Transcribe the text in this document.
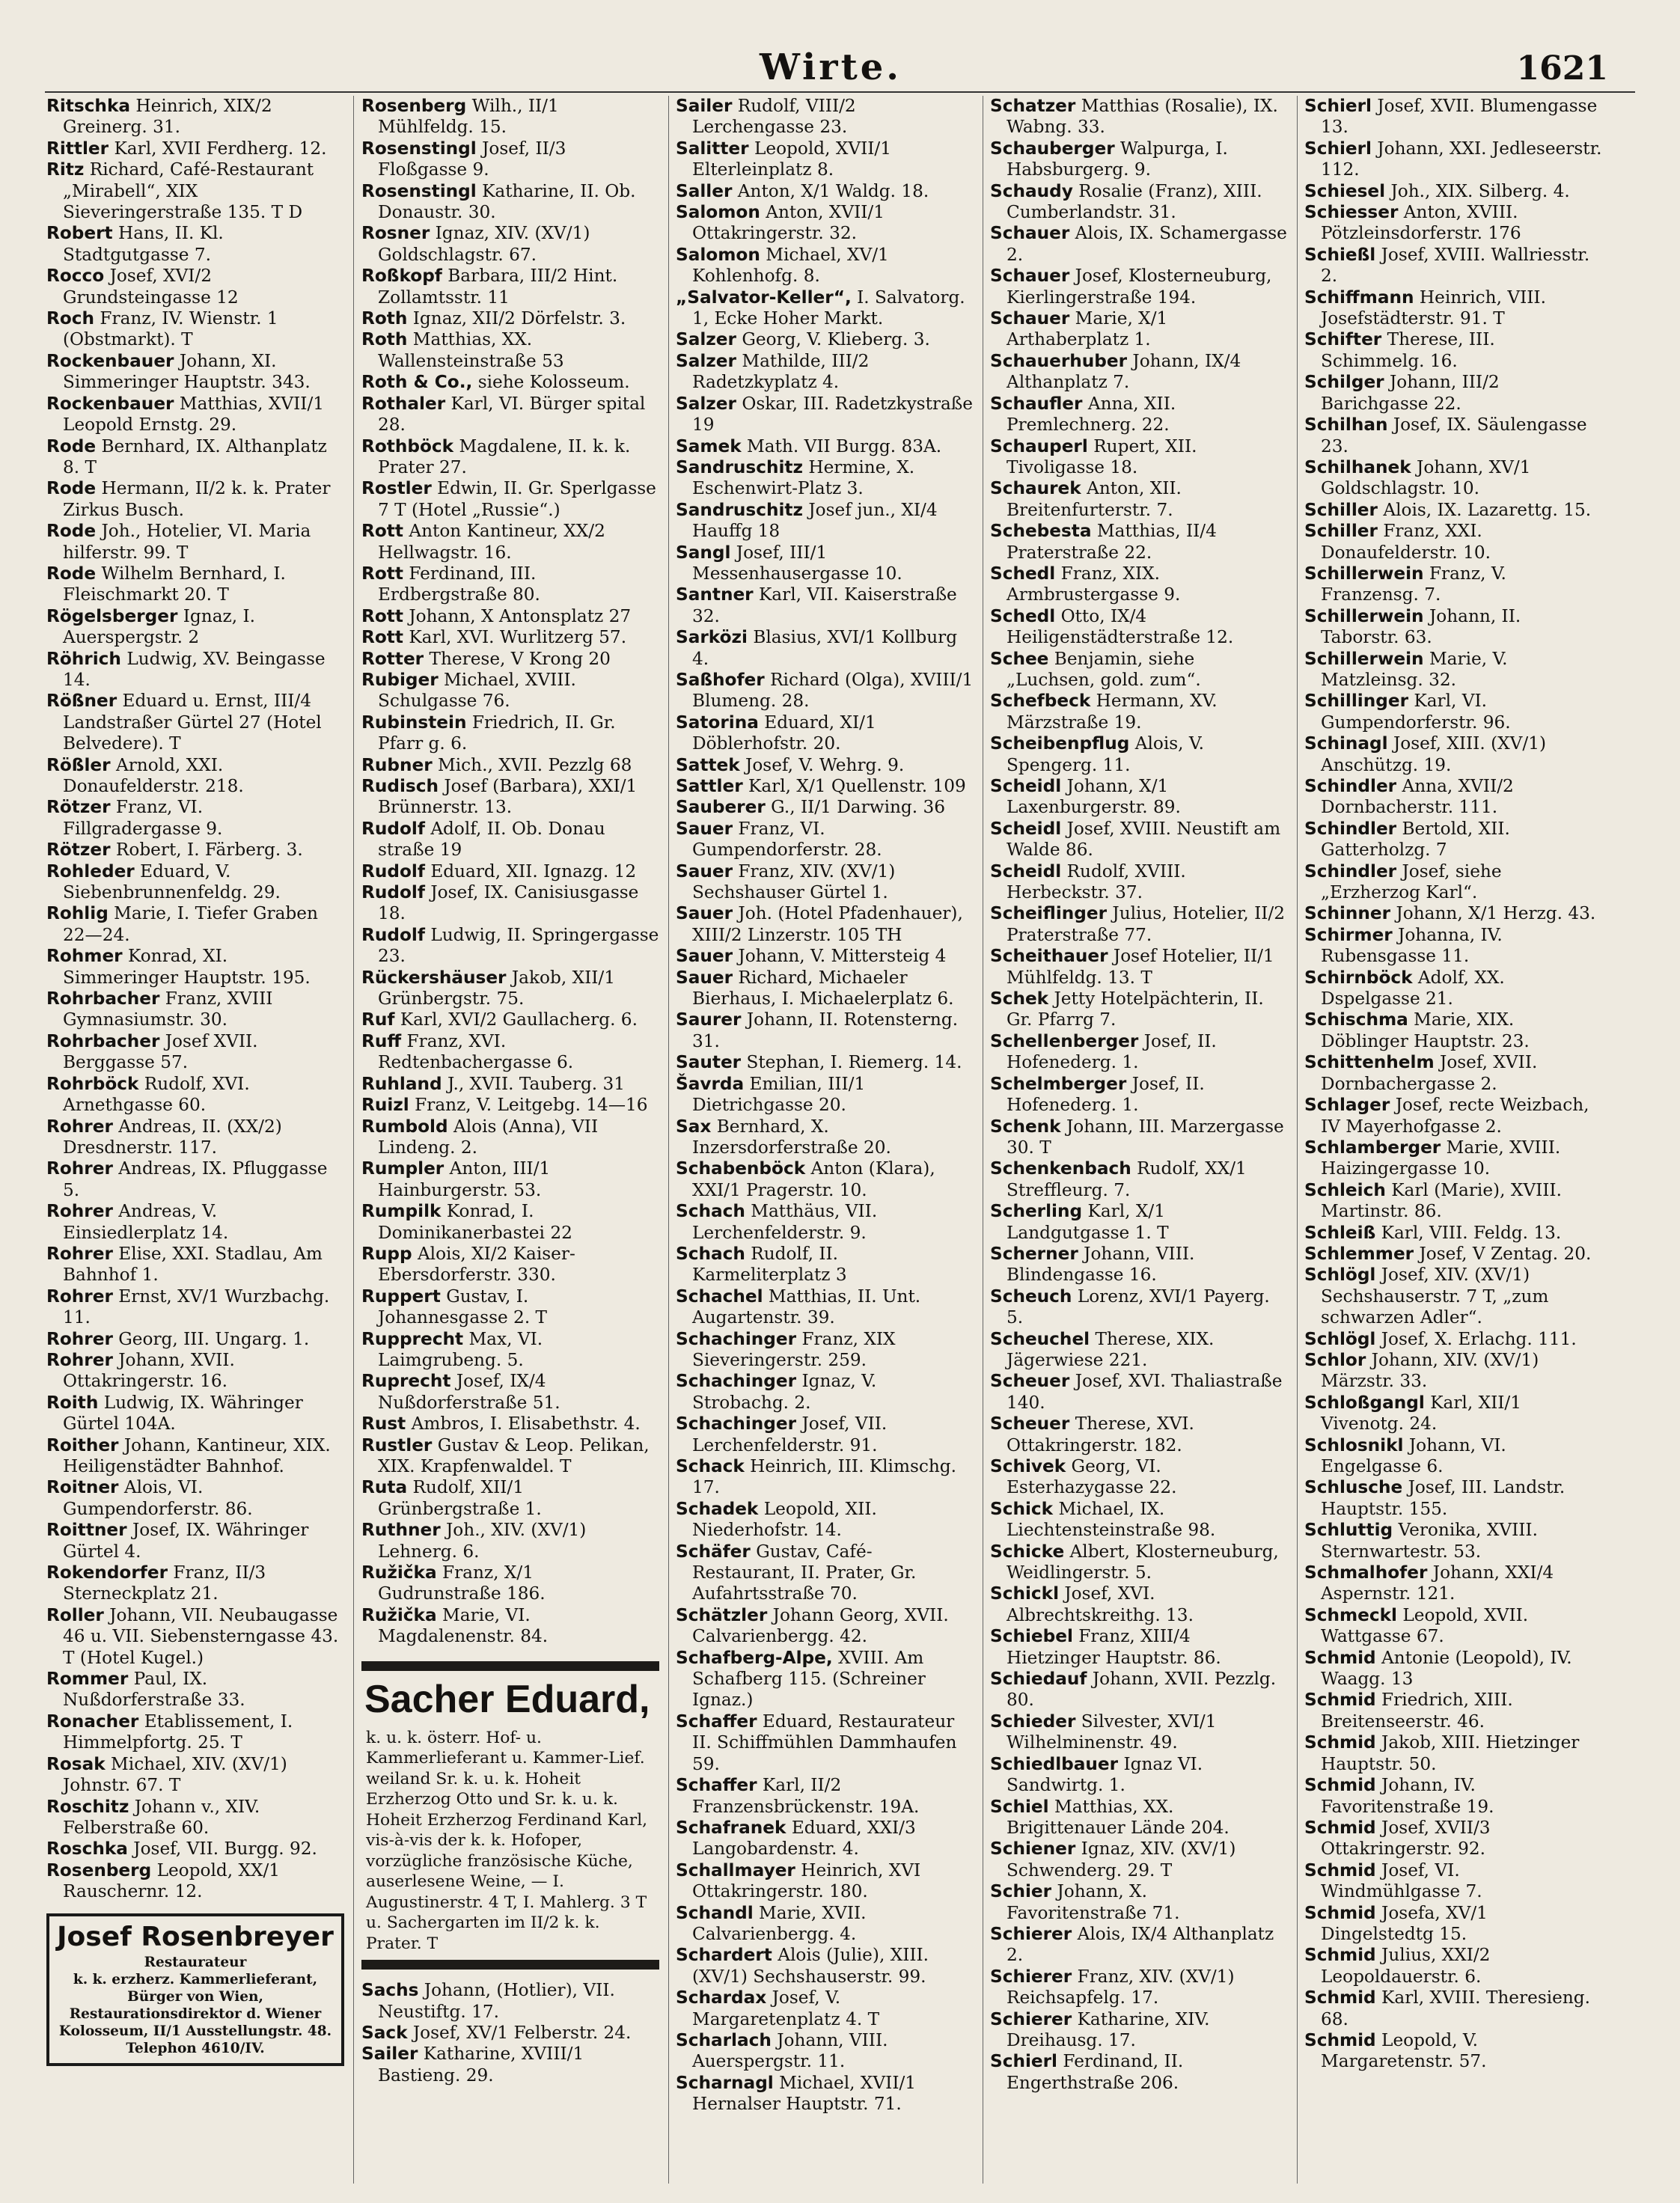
Wirte.	1621

Ritschka Heinrich, XIX/2 Greinerg. 31.

Rittler Karl, XVII Ferdherg. 12.

Ritz Richard, Café-Restaurant „Mirabell“, XIX Sieveringerstraße 135. T D

Robert Hans, II. Kl. Stadtgutgasse 7.

Rocco Josef, XVI/2 Grundsteingasse 12

Roch Franz, IV. Wienstr. 1 (Obstmarkt). T

Rockenbauer Johann, XI. Simmeringer Hauptstr. 343.

Rockenbauer Matthias, XVII/1 Leopold Ernstg. 29.

Rode Bernhard, IX. Althanplatz 8. T

Rode Hermann, II/2 k. k. Prater Zirkus Busch.

Rode Joh., Hotelier, VI. Maria hilferstr. 99. T

Rode Wilhelm Bernhard, I. Fleischmarkt 20. T

Rögelsberger Ignaz, I. Auerspergstr. 2

Röhrich Ludwig, XV. Beingasse 14.

Rößner Eduard u. Ernst, III/4 Landstraßer Gürtel 27 (Hotel Belvedere). T

Rößler Arnold, XXI. Donaufelderstr. 218.

Rötzer Franz, VI. Fillgradergasse 9.

Rötzer Robert, I. Färberg. 3.

Rohleder Eduard, V. Siebenbrunnenfeldg. 29.

Rohlig Marie, I. Tiefer Graben 22—24.

Rohmer Konrad, XI. Simmeringer Hauptstr. 195.

Rohrbacher Franz, XVIII Gymnasiumstr. 30.

Rohrbacher Josef XVII. Berggasse 57.

Rohrböck Rudolf, XVI. Arnethgasse 60.

Rohrer Andreas, II. (XX/2) Dresdnerstr. 117.

Rohrer Andreas, IX. Pfluggasse 5.

Rohrer Andreas, V. Einsiedlerplatz 14.

Rohrer Elise, XXI. Stadlau, Am Bahnhof 1.

Rohrer Ernst, XV/1 Wurzbachg. 11.

Rohrer Georg, III. Ungarg. 1.

Rohrer Johann, XVII. Ottakringerstr. 16.

Roith Ludwig, IX. Währinger Gürtel 104A.

Roither Johann, Kantineur, XIX. Heiligenstädter Bahnhof.

Roitner Alois, VI. Gumpendorferstr. 86.

Roittner Josef, IX. Währinger Gürtel 4.

Rokendorfer Franz, II/3 Sterneckplatz 21.

Roller Johann, VII. Neubaugasse 46 u. VII. Siebensterngasse 43. T (Hotel Kugel.)

Rommer Paul, IX. Nußdorferstraße 33.

Ronacher Etablissement, I. Himmelpfortg. 25. T

Rosak Michael, XIV. (XV/1) Johnstr. 67. T

Roschitz Johann v., XIV. Felberstraße 60.

Roschka Josef, VII. Burgg. 92.

Rosenberg Leopold, XX/1 Rauschernr. 12.

Josef Rosenbreyer
Restaurateur
k. k. erzherz. Kammerlieferant,
Bürger von Wien, Restaurationsdirektor d. Wiener Kolosseum, II/1 Ausstellungstr. 48.
Telephon 4610/IV.

Rosenberg Wilh., II/1 Mühlfeldg. 15.

Rosenstingl Josef, II/3 Floßgasse 9.

Rosenstingl Katharine, II. Ob. Donaustr. 30.

Rosner Ignaz, XIV. (XV/1) Goldschlagstr. 67.

Roßkopf Barbara, III/2 Hint. Zollamtsstr. 11

Roth Ignaz, XII/2 Dörfelstr. 3.

Roth Matthias, XX. Wallensteinstraße 53

Roth & Co., siehe Kolosseum.

Rothaler Karl, VI. Bürger spital 28.

Rothböck Magdalene, II. k. k. Prater 27.

Rostler Edwin, II. Gr. Sperlgasse 7 T (Hotel „Russie“.)

Rott Anton Kantineur, XX/2 Hellwagstr. 16.

Rott Ferdinand, III. Erdbergstraße 80.

Rott Johann, X Antonsplatz 27

Rott Karl, XVI. Wurlitzerg 57.

Rotter Therese, V Krong 20

Rubiger Michael, XVIII. Schulgasse 76.

Rubinstein Friedrich, II. Gr. Pfarr g. 6.

Rubner Mich., XVII. Pezzlg 68

Rudisch Josef (Barbara), XXI/1 Brünnerstr. 13.

Rudolf Adolf, II. Ob. Donau straße 19

Rudolf Eduard, XII. Ignazg. 12

Rudolf Josef, IX. Canisiusgasse 18.

Rudolf Ludwig, II. Springergasse 23.

Rückershäuser Jakob, XII/1 Grünbergstr. 75.

Ruf Karl, XVI/2 Gaullacherg. 6.

Ruff Franz, XVI. Redtenbachergasse 6.

Ruhland J., XVII. Tauberg. 31

Ruizl Franz, V. Leitgebg. 14—16

Rumbold Alois (Anna), VII Lindeng. 2.

Rumpler Anton, III/1 Hainburgerstr. 53.

Rumpilk Konrad, I. Dominikanerbastei 22

Rupp Alois, XI/2 Kaiser-Ebersdorferstr. 330.

Ruppert Gustav, I. Johannesgasse 2. T

Rupprecht Max, VI. Laimgrubeng. 5.

Ruprecht Josef, IX/4 Nußdorferstraße 51.

Rust Ambros, I. Elisabethstr. 4.

Rustler Gustav & Leop. Pelikan, XIX. Krapfenwaldel. T

Ruta Rudolf, XII/1 Grünbergstraße 1.

Ruthner Joh., XIV. (XV/1) Lehnerg. 6.

Ružička Franz, X/1 Gudrunstraße 186.

Ružička Marie, VI. Magdalenenstr. 84.

Sacher Eduard,
k. u. k. österr. Hof- u. Kammerlieferant u. Kammer-Lief. weiland Sr. k. u. k. Hoheit Erzherzog Otto und Sr. k. u. k. Hoheit Erzherzog Ferdinand Karl, vis-à-vis der k. k. Hofoper, vorzügliche französische Küche, auserlesene Weine, — I. Augustinerstr. 4 T, I. Mahlerg. 3 T u. Sachergarten im II/2 k. k. Prater. T

Sachs Johann, (Hotlier), VII. Neustiftg. 17.

Sack Josef, XV/1 Felberstr. 24.

Sailer Katharine, XVIII/1 Bastieng. 29.

Sailer Rudolf, VIII/2 Lerchengasse 23.

Salitter Leopold, XVII/1 Elterleinplatz 8.

Saller Anton, X/1 Waldg. 18.

Salomon Anton, XVII/1 Ottakringerstr. 32.

Salomon Michael, XV/1 Kohlenhofg. 8.

„Salvator-Keller“, I. Salvatorg. 1, Ecke Hoher Markt.

Salzer Georg, V. Klieberg. 3.

Salzer Mathilde, III/2 Radetzkyplatz 4.

Salzer Oskar, III. Radetzkystraße 19

Samek Math. VII Burgg. 83A.

Sandruschitz Hermine, X. Eschenwirt-Platz 3.

Sandruschitz Josef jun., XI/4 Hauffg 18

Sangl Josef, III/1 Messenhausergasse 10.

Santner Karl, VII. Kaiserstraße 32.

Sarközi Blasius, XVI/1 Kollburg 4.

Saßhofer Richard (Olga), XVIII/1 Blumeng. 28.

Satorina Eduard, XI/1 Döblerhofstr. 20.

Sattek Josef, V. Wehrg. 9.

Sattler Karl, X/1 Quellenstr. 109

Sauberer G., II/1 Darwing. 36

Sauer Franz, VI. Gumpendorferstr. 28.

Sauer Franz, XIV. (XV/1) Sechshauser Gürtel 1.

Sauer Joh. (Hotel Pfadenhauer), XIII/2 Linzerstr. 105 TH

Sauer Johann, V. Mittersteig 4

Sauer Richard, Michaeler Bierhaus, I. Michaelerplatz 6.

Saurer Johann, II. Rotensterng. 31.

Sauter Stephan, I. Riemerg. 14.

Šavrda Emilian, III/1 Dietrichgasse 20.

Sax Bernhard, X. Inzersdorferstraße 20.

Schabenböck Anton (Klara), XXI/1 Pragerstr. 10.

Schach Matthäus, VII. Lerchenfelderstr. 9.

Schach Rudolf, II. Karmeliterplatz 3

Schachel Matthias, II. Unt. Augartenstr. 39.

Schachinger Franz, XIX Sieveringerstr. 259.

Schachinger Ignaz, V. Strobachg. 2.

Schachinger Josef, VII. Lerchenfelderstr. 91.

Schack Heinrich, III. Klimschg. 17.

Schadek Leopold, XII. Niederhofstr. 14.

Schäfer Gustav, Café-Restaurant, II. Prater, Gr. Aufahrtsstraße 70.

Schätzler Johann Georg, XVII. Calvarienbergg. 42.

Schafberg-Alpe, XVIII. Am Schafberg 115. (Schreiner Ignaz.)

Schaffer Eduard, Restaurateur II. Schiffmühlen Dammhaufen 59.

Schaffer Karl, II/2 Franzensbrückenstr. 19A.

Schafranek Eduard, XXI/3 Langobardenstr. 4.

Schallmayer Heinrich, XVI Ottakringerstr. 180.

Schandl Marie, XVII. Calvarienbergg. 4.

Schardert Alois (Julie), XIII. (XV/1) Sechshauserstr. 99.

Schardax Josef, V. Margaretenplatz 4. T

Scharlach Johann, VIII. Auerspergstr. 11.

Scharnagl Michael, XVII/1 Hernalser Hauptstr. 71.

Schatzer Matthias (Rosalie), IX. Wabng. 33.

Schauberger Walpurga, I. Habsburgerg. 9.

Schaudy Rosalie (Franz), XIII. Cumberlandstr. 31.

Schauer Alois, IX. Schamergasse 2.

Schauer Josef, Klosterneuburg, Kierlingerstraße 194.

Schauer Marie, X/1 Arthaberplatz 1.

Schauerhuber Johann, IX/4 Althanplatz 7.

Schaufler Anna, XII. Premlechnerg. 22.

Schauperl Rupert, XII. Tivoligasse 18.

Schaurek Anton, XII. Breitenfurterstr. 7.

Schebesta Matthias, II/4 Praterstraße 22.

Schedl Franz, XIX. Armbrustergasse 9.

Schedl Otto, IX/4 Heiligenstädterstraße 12.

Schee Benjamin, siehe „Luchsen, gold. zum“.

Schefbeck Hermann, XV. Märzstraße 19.

Scheibenpflug Alois, V. Spengerg. 11.

Scheidl Johann, X/1 Laxenburgerstr. 89.

Scheidl Josef, XVIII. Neustift am Walde 86.

Scheidl Rudolf, XVIII. Herbeckstr. 37.

Scheiflinger Julius, Hotelier, II/2 Praterstraße 77.

Scheithauer Josef Hotelier, II/1 Mühlfeldg. 13. T

Schek Jetty Hotelpächterin, II. Gr. Pfarrg 7.

Schellenberger Josef, II. Hofenederg. 1.

Schelmberger Josef, II. Hofenederg. 1.

Schenk Johann, III. Marzergasse 30. T

Schenkenbach Rudolf, XX/1 Streffleurg. 7.

Scherling Karl, X/1 Landgutgasse 1. T

Scherner Johann, VIII. Blindengasse 16.

Scheuch Lorenz, XVI/1 Payerg. 5.

Scheuchel Therese, XIX. Jägerwiese 221.

Scheuer Josef, XVI. Thaliastraße 140.

Scheuer Therese, XVI. Ottakringerstr. 182.

Schivek Georg, VI. Esterhazygasse 22.

Schick Michael, IX. Liechtensteinstraße 98.

Schicke Albert, Klosterneuburg, Weidlingerstr. 5.

Schickl Josef, XVI. Albrechtskreithg. 13.

Schiebel Franz, XIII/4 Hietzinger Hauptstr. 86.

Schiedauf Johann, XVII. Pezzlg. 80.

Schieder Silvester, XVI/1 Wilhelminenstr. 49.

Schiedlbauer Ignaz VI. Sandwirtg. 1.

Schiel Matthias, XX. Brigittenauer Lände 204.

Schiener Ignaz, XIV. (XV/1) Schwenderg. 29. T

Schier Johann, X. Favoritenstraße 71.

Schierer Alois, IX/4 Althanplatz 2.

Schierer Franz, XIV. (XV/1) Reichsapfelg. 17.

Schierer Katharine, XIV. Dreihausg. 17.

Schierl Ferdinand, II. Engerthstraße 206.

Schierl Josef, XVII. Blumengasse 13.

Schierl Johann, XXI. Jedleseerstr. 112.

Schiesel Joh., XIX. Silberg. 4.

Schiesser Anton, XVIII. Pötzleinsdorferstr. 176

Schießl Josef, XVIII. Wallriesstr. 2.

Schiffmann Heinrich, VIII. Josefstädterstr. 91. T

Schifter Therese, III. Schimmelg. 16.

Schilger Johann, III/2 Barichgasse 22.

Schilhan Josef, IX. Säulengasse 23.

Schilhanek Johann, XV/1 Goldschlagstr. 10.

Schiller Alois, IX. Lazarettg. 15.

Schiller Franz, XXI. Donaufelderstr. 10.

Schillerwein Franz, V. Franzensg. 7.

Schillerwein Johann, II. Taborstr. 63.

Schillerwein Marie, V. Matzleinsg. 32.

Schillinger Karl, VI. Gumpendorferstr. 96.

Schinagl Josef, XIII. (XV/1) Anschützg. 19.

Schindler Anna, XVII/2 Dornbacherstr. 111.

Schindler Bertold, XII. Gatterholzg. 7

Schindler Josef, siehe „Erzherzog Karl“.

Schinner Johann, X/1 Herzg. 43.

Schirmer Johanna, IV. Rubensgasse 11.

Schirnböck Adolf, XX. Dspelgasse 21.

Schischma Marie, XIX. Döblinger Hauptstr. 23.

Schittenhelm Josef, XVII. Dornbachergasse 2.

Schlager Josef, recte Weizbach, IV Mayerhofgasse 2.

Schlamberger Marie, XVIII. Haizingergasse 10.

Schleich Karl (Marie), XVIII. Martinstr. 86.

Schleiß Karl, VIII. Feldg. 13.

Schlemmer Josef, V Zentag. 20.

Schlögl Josef, XIV. (XV/1) Sechshauserstr. 7 T, „zum schwarzen Adler“.

Schlögl Josef, X. Erlachg. 111.

Schlor Johann, XIV. (XV/1) Märzstr. 33.

Schloßgangl Karl, XII/1 Vivenotg. 24.

Schlosnikl Johann, VI. Engelgasse 6.

Schlusche Josef, III. Landstr. Hauptstr. 155.

Schluttig Veronika, XVIII. Sternwartestr. 53.

Schmalhofer Johann, XXI/4 Aspernstr. 121.

Schmeckl Leopold, XVII. Wattgasse 67.

Schmid Antonie (Leopold), IV. Waagg. 13

Schmid Friedrich, XIII. Breitenseerstr. 46.

Schmid Jakob, XIII. Hietzinger Hauptstr. 50.

Schmid Johann, IV. Favoritenstraße 19.

Schmid Josef, XVII/3 Ottakringerstr. 92.

Schmid Josef, VI. Windmühlgasse 7.

Schmid Josefa, XV/1 Dingelstedtg 15.

Schmid Julius, XXI/2 Leopoldauerstr. 6.

Schmid Karl, XVIII. Theresieng. 68.

Schmid Leopold, V. Margaretenstr. 57.
